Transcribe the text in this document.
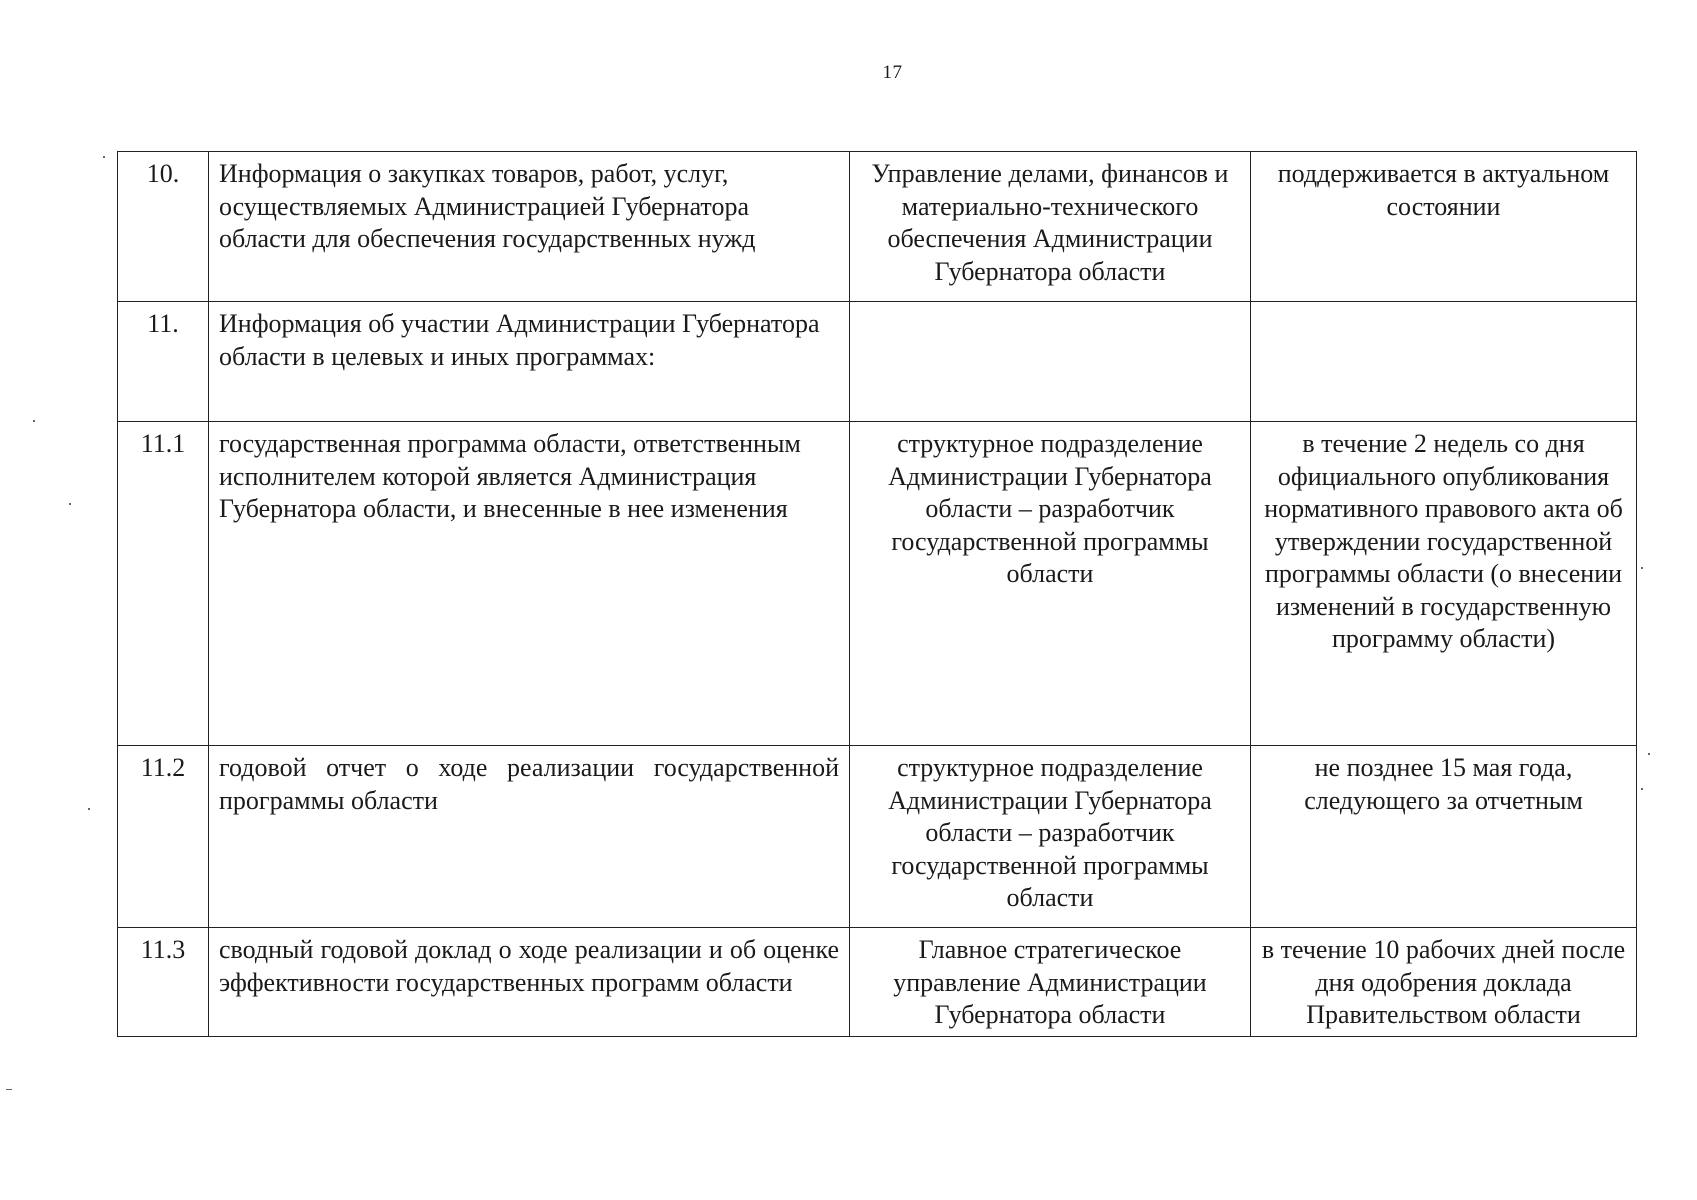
17
10.	Информация о закупках товаров, работ, услуг, осуществляемых Администрацией Губернатора области для обеспечения государственных нужд	Управление делами, финансов и материально-технического обеспечения Администрации Губернатора области	поддерживается в актуальном состоянии
11.	Информация об участии Администрации Губернатора области в целевых и иных программах:		
11.1	государственная программа области, ответственным исполнителем которой является Администрация Губернатора области, и внесенные в нее изменения	структурное подразделение Администрации Губернатора области – разработчик государственной программы области	в течение 2 недель со дня официального опубликования нормативного правового акта об утверждении государственной программы области (о внесении изменений в государственную программу области)
11.2	годовой отчет о ходе реализации государственной программы области	структурное подразделение Администрации Губернатора области – разработчик государственной программы области	не позднее 15 мая года, следующего за отчетным
11.3	сводный годовой доклад о ходе реализации и об оценке эффективности государственных программ области	Главное стратегическое управление Администрации Губернатора области	в течение 10 рабочих дней после дня одобрения доклада Правительством области
